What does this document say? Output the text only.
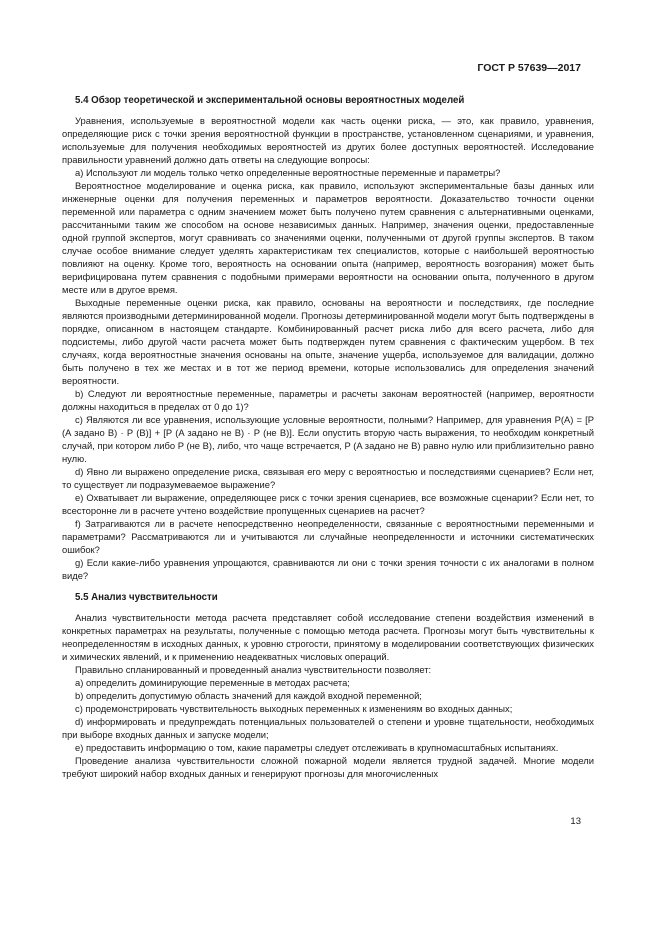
ГОСТ Р 57639—2017
5.4 Обзор теоретической и экспериментальной основы вероятностных моделей

Уравнения, используемые в вероятностной модели как часть оценки риска, — это, как правило, уравнения, определяющие риск с точки зрения вероятностной функции в пространстве, установленном сценариями, и уравнения, используемые для получения необходимых вероятностей из других более доступных вероятностей. Исследование правильности уравнений должно дать ответы на следующие вопросы:

а) Используют ли модель только четко определенные вероятностные переменные и параметры?

Вероятностное моделирование и оценка риска, как правило, используют экспериментальные базы данных или инженерные оценки для получения переменных и параметров вероятности. Доказательство точности оценки переменной или параметра с одним значением может быть получено путем сравнения с альтернативными оценками, рассчитанными таким же способом на основе независимых данных. Например, значения оценки, предоставленные одной группой экспертов, могут сравнивать со значениями оценки, полученными от другой группы экспертов. В таком случае особое внимание следует уделять характеристикам тех специалистов, которые с наибольшей вероятностью повлияют на оценку. Кроме того, вероятность на основании опыта (например, вероятность возгорания) может быть верифицирована путем сравнения с подобными примерами вероятности на основании опыта, полученного в другом месте или в другое время.

Выходные переменные оценки риска, как правило, основаны на вероятности и последствиях, где последние являются производными детерминированной модели. Прогнозы детерминированной модели могут быть подтверждены в порядке, описанном в настоящем стандарте. Комбинированный расчет риска либо для всего расчета, либо для подсистемы, либо другой части расчета может быть подтвержден путем сравнения с фактическим ущербом. В тех случаях, когда вероятностные значения основаны на опыте, значение ущерба, используемое для валидации, должно быть получено в тех же местах и в тот же период времени, которые использовались для определения значений вероятности.

b) Следуют ли вероятностные переменные, параметры и расчеты законам вероятностей (например, вероятности должны находиться в пределах от 0 до 1)?

с) Являются ли все уравнения, использующие условные вероятности, полными? Например, для уравнения P(A) = [P (A задано B) · P (B)] + [P (A задано не B) · P (не B)]. Если опустить вторую часть выражения, то необходим конкретный случай, при котором либо P (не B), либо, что чаще встречается, P (A задано не B) равно нулю или приблизительно равно нулю.

d) Явно ли выражено определение риска, связывая его меру с вероятностью и последствиями сценариев? Если нет, то существует ли подразумеваемое выражение?

e) Охватывает ли выражение, определяющее риск с точки зрения сценариев, все возможные сценарии? Если нет, то всесторонне ли в расчете учтено воздействие пропущенных сценариев на расчет?

f) Затрагиваются ли в расчете непосредственно неопределенности, связанные с вероятностными переменными и параметрами? Рассматриваются ли и учитываются ли случайные неопределенности и источники систематических ошибок?

g) Если какие-либо уравнения упрощаются, сравниваются ли они с точки зрения точности с их аналогами в полном виде?

5.5 Анализ чувствительности

Анализ чувствительности метода расчета представляет собой исследование степени воздействия изменений в конкретных параметрах на результаты, полученные с помощью метода расчета. Прогнозы могут быть чувствительны к неопределенностям в исходных данных, к уровню строгости, принятому в моделировании соответствующих физических и химических явлений, и к применению неадекватных числовых операций.

Правильно спланированный и проведенный анализ чувствительности позволяет:

а) определить доминирующие переменные в методах расчета;

b) определить допустимую область значений для каждой входной переменной;

c) продемонстрировать чувствительность выходных переменных к изменениям во входных данных;

d) информировать и предупреждать потенциальных пользователей о степени и уровне тщательности, необходимых при выборе входных данных и запуске модели;

e) предоставить информацию о том, какие параметры следует отслеживать в крупномасштабных испытаниях.

Проведение анализа чувствительности сложной пожарной модели является трудной задачей. Многие модели требуют широкий набор входных данных и генерируют прогнозы для многочисленных

13
